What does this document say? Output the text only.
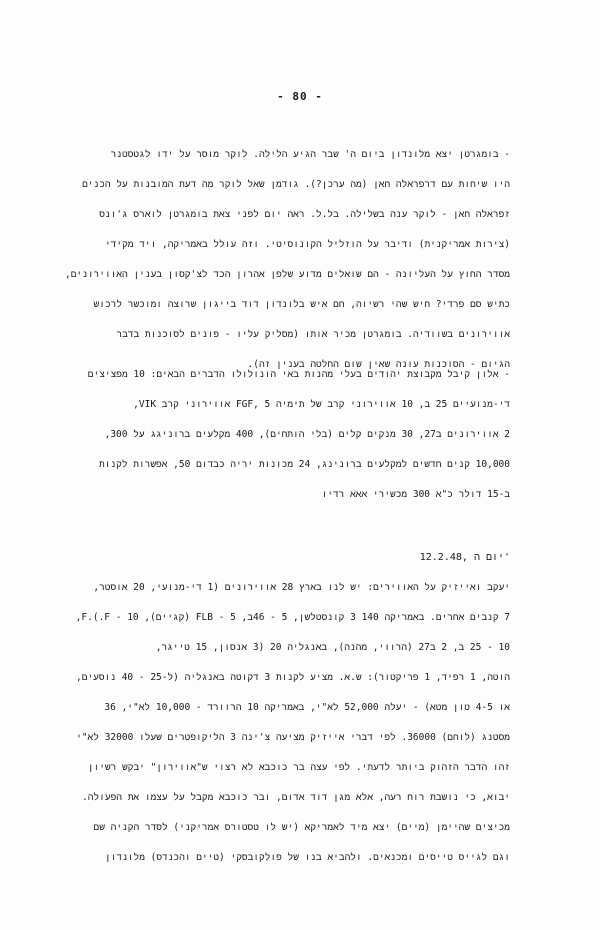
- 80 -
- בומגרטן יצא מלונדון ביום ה' שבר הגיע הלילה. לוקר מוסר על ידו לגטסטנר
היו שיחות עם דרפראלה חאן (מה ערכן?). גודמן שאל לוקר מה דעת המובנות על הכנים
זפראלה חאן - לוקר ענה בשלילה. בל.ל. ראה יום לפני צאת בומגרטן לוארס ג'ונס
(צירות אמריקנית) ודיבר על הוזליל הקונוסיטי. וזה עולל באמריקה, ויד מקידי
מסדר החוץ על העליונה - הם שואלים מדוע שלפן אהרון הכד לצ'קסון בענין האווירונים,
כתיש סם פרדי? חיש שהי רשיוה, חם איש בלונדון דוד בייגון שרוצה ומוכשר לרכוש
אווירונים בשוודיה. בומגרטן מכיר אותו (מסליק עליו - פונים לסוכנות בדבר
הגיום - הסוכנות עונה שאין שום החלטה בענין זה).
- אלון קיבל מקבוצת יהודים בעלי מהנות באי הונולולו הדברים הבאים: 10 מפציצים
די-מנועיים 25 ב, 10 אווירוני קרב של תימיה FGF, 5 אווירוני קרב VIK,
2 אווירונים ב27, 30 מנקים קלים (בלי הותחים), 400 מקלעים ברוניגג על 300,
10,000 קנים חדשים למקלעים ברונינג, 24 מכונות יריה כבדום 50, אפשרות לקנות
ב-15 דולר כ"א 300 מכשירי אאא רדיו
12.2.48, יום ה'
יעקב ואייזיק על האווירים: יש לנו בארץ 28 אווירונים (1 די-מנועי, 20 אוסטר,
7 קנבים אחרים. באמריקה 140 3 קונסטלשן, 5 - 46ב, 5 - FLB (קגיים), 10 - F.(.F,
10 - 25 ב, 2 ב27 (הרווי, מהנה), באנגליה 20 (3 אנסון, 15 טייגר,
הוטה, 1 רפיד, 1 פריקטור): ש.א. מציע לקנות 3 דקוטה באנגליה (ל-25 - 40 נוסעים,
או 4-5 טון מטא) - יעלה 52,000 לא"י, באמריקה 10 הרוורד - 10,000 לא"י, 36
מסטנג (לוחם) 36000. לפי דברי אייזיק מציעה צ'ינה 3 הליקופטרים שעלו 32000 לא"י
זהו הדבר הזהוק ביותר לדעתי. לפי עצה בר כוכבא לא רצוי ש"אווירון" יבקש רשיון
יבוא, כי נושבת רוח רעה, אלא מגן דוד אדום, ובר כוכבא מקבל על עצמו את הפעולה.
מכיצים שהיימן (מיים) יצא מיד לאמריקא (יש לו טסטורס אמריקני) לסדר הקניה שם
וגם לגייס טייסים ומכנאים. ולהביא בנו של פולקובסקי (טיים והכנדס) מלונדון
